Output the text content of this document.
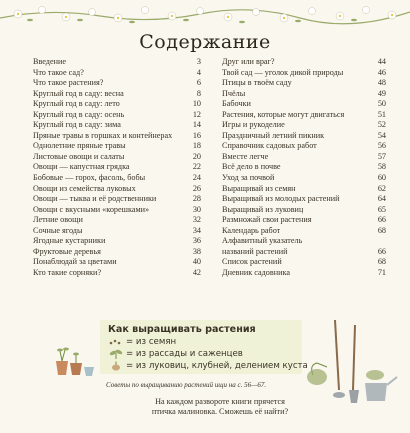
Содержание
Введение	3
Что такое сад?	4
Что такое растения?	6
Круглый год в саду: весна	8
Круглый год в саду: лето	10
Круглый год в саду: осень	12
Круглый год в саду: зима	14
Пряные травы в горшках и контейнерах	16
Однолетние пряные травы	18
Листовые овощи и салаты	20
Овощи — капустная грядка	22
Бобовые — горох, фасоль, бобы	24
Овощи из семейства луковых	26
Овощи — тыква и её родственники	28
Овощи с вкусными «корешками»	30
Летние овощи	32
Сочные ягоды	34
Ягодные кустарники	36
Фруктовые деревья	38
Понаблюдай за цветами	40
Кто такие сорняки?	42
Друг или враг?	44
Твой сад — уголок дикой природы	46
Птицы в твоём саду	48
Пчёлы	49
Бабочки	50
Растения, которые могут двигаться	51
Игры и рукоделие	52
Праздничный летний пикник	54
Справочник садовых работ	56
Вместе легче	57
Всё дело в почве	58
Уход за почвой	60
Выращивай из семян	62
Выращивай из молодых растений	64
Выращивай из луковиц	65
Размножай свои растения	66
Календарь работ	68
Алфавитный указатель
названий растений	66
Список растений	68
Дневник садовника	71
Как выращивать растения
= из семян
= из рассады и саженцев
= из луковиц, клубней, делением куста
Советы по выращиванию растений ищи на с. 56—67.
На каждом развороте книги прячется
птичка малиновка. Сможешь её найти?
